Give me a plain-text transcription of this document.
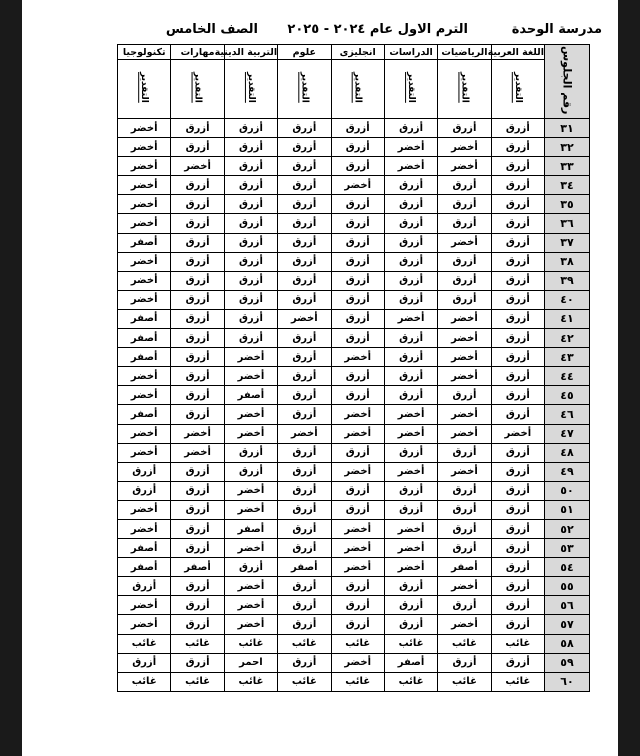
مدرسة الوحدة
الترم الاول عام ٢٠٢٤ - ٢٠٢٥
الصف الخامس
رقم الجلوس	اللغة العربية	الرياضيات	الدراسات	انجليزى	علوم	التربية الدينية	مهارات	تكنولوجيا
	التقدير	التقدير	التقدير	التقدير	التقدير	التقدير	التقدير	التقدير
٣١	أزرق	أزرق	أزرق	أزرق	أزرق	أزرق	أزرق	أخضر
٣٢	أزرق	أخضر	أخضر	أزرق	أزرق	أزرق	أزرق	أخضر
٣٣	أزرق	أخضر	أخضر	أزرق	أزرق	أزرق	أخضر	أخضر
٣٤	أزرق	أزرق	أزرق	أخضر	أزرق	أزرق	أزرق	أخضر
٣٥	أزرق	أزرق	أزرق	أزرق	أزرق	أزرق	أزرق	أخضر
٣٦	أزرق	أزرق	أزرق	أزرق	أزرق	أزرق	أزرق	أخضر
٣٧	أزرق	أخضر	أزرق	أزرق	أزرق	أزرق	أزرق	أصفر
٣٨	أزرق	أزرق	أزرق	أزرق	أزرق	أزرق	أزرق	أخضر
٣٩	أزرق	أزرق	أزرق	أزرق	أزرق	أزرق	أزرق	أخضر
٤٠	أزرق	أزرق	أزرق	أزرق	أزرق	أزرق	أزرق	أخضر
٤١	أزرق	أخضر	أخضر	أزرق	أخضر	أزرق	أزرق	أصفر
٤٢	أزرق	أخضر	أزرق	أزرق	أزرق	أزرق	أزرق	أصفر
٤٣	أزرق	أخضر	أزرق	أخضر	أزرق	أخضر	أزرق	أصفر
٤٤	أزرق	أخضر	أزرق	أزرق	أزرق	أخضر	أزرق	أخضر
٤٥	أزرق	أزرق	أزرق	أزرق	أزرق	أصفر	أزرق	أخضر
٤٦	أزرق	أخضر	أخضر	أخضر	أزرق	أخضر	أزرق	أصفر
٤٧	أخضر	أخضر	أخضر	أخضر	أخضر	أخضر	أخضر	أخضر
٤٨	أزرق	أزرق	أزرق	أزرق	أزرق	أزرق	أخضر	أخضر
٤٩	أزرق	أخضر	أخضر	أخضر	أزرق	أزرق	أزرق	أزرق
٥٠	أزرق	أزرق	أزرق	أزرق	أزرق	أخضر	أزرق	أزرق
٥١	أزرق	أزرق	أزرق	أزرق	أزرق	أخضر	أزرق	أخضر
٥٢	أزرق	أزرق	أخضر	أخضر	أزرق	أصفر	أزرق	أخضر
٥٣	أزرق	أزرق	أخضر	أخضر	أزرق	أخضر	أزرق	أصفر
٥٤	أزرق	أصفر	أخضر	أخضر	أصفر	أزرق	أصفر	أصفر
٥٥	أزرق	أخضر	أزرق	أزرق	أزرق	أخضر	أزرق	أزرق
٥٦	أزرق	أزرق	أزرق	أزرق	أزرق	أخضر	أزرق	أخضر
٥٧	أزرق	أخضر	أزرق	أزرق	أزرق	أخضر	أزرق	أخضر
٥٨	غائب	غائب	غائب	غائب	غائب	غائب	غائب	غائب
٥٩	أزرق	أزرق	أصفر	أخضر	أزرق	احمر	أزرق	أزرق
٦٠	غائب	غائب	غائب	غائب	غائب	غائب	غائب	غائب
